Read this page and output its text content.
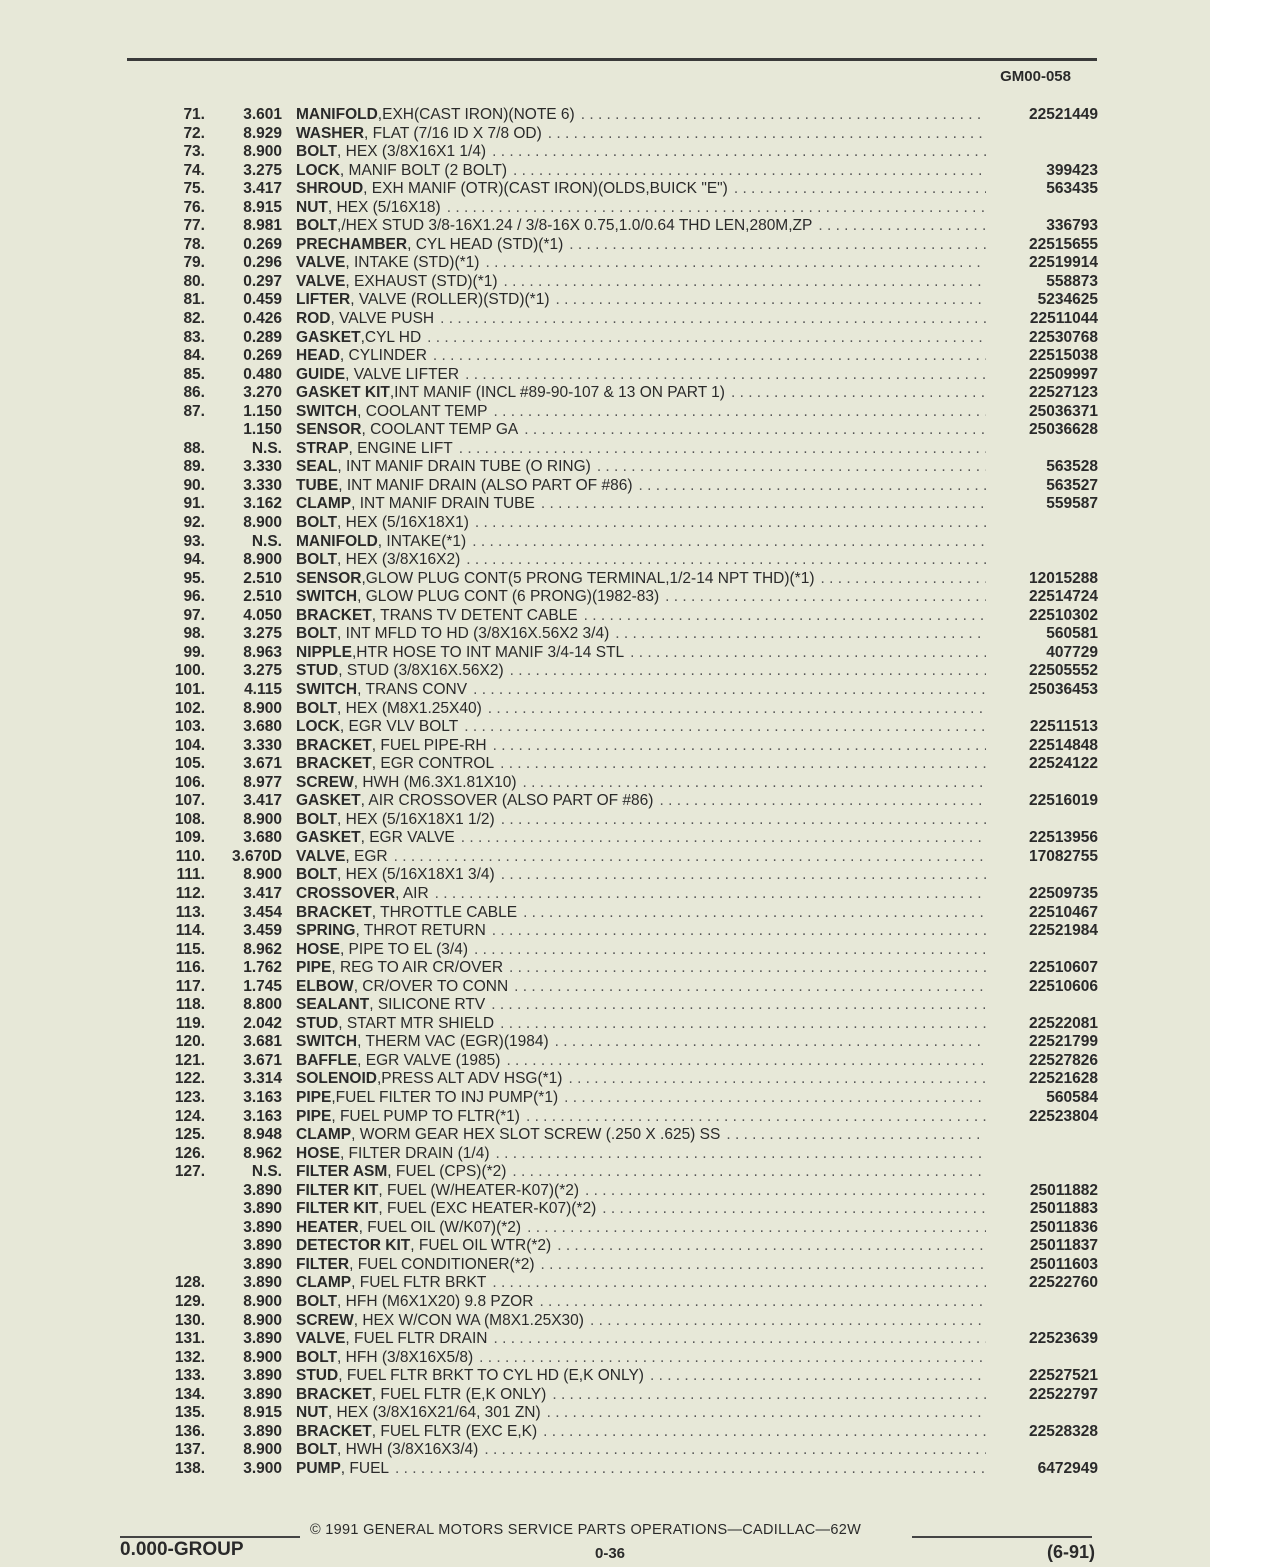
GM00-058
71.	3.601 MANIFOLD ,EXH(CAST IRON)(NOTE 6) . . .	22521449
72.	8.929 WASHER , FLAT (7/16 ID X 7/8 OD)
. . .
73.	8.900 BOLT , HEX (3/8X16X1 1/4)
. . .
74.	3.275 LOCK , MANIF BOLT (2 BOLT) . . .	399423
75.	3.417 SHROUD , EXH MANIF (OTR)(CAST IRON)(OLDS,BUICK "E") . . .	563435
76.	8.915 NUT , HEX (5/16X18)
. . .
77.	8.981 BOLT ,/HEX STUD 3/8-16X1.24 / 3/8-16X 0.75,1.0/0.64 THD LEN,280M,ZP . . .	336793
78.	0.269 PRECHAMBER , CYL HEAD (STD)(*1) . . .	22515655
79.	0.296 VALVE , INTAKE (STD)(*1) . . .	22519914
80.	0.297 VALVE , EXHAUST (STD)(*1) . . .	558873
81.	0.459 LIFTER , VALVE (ROLLER)(STD)(*1) . . .	5234625
82.	0.426 ROD , VALVE PUSH . . .	22511044
83.	0.289 GASKET ,CYL HD . . .	22530768
84.	0.269 HEAD , CYLINDER . . .	22515038
85.	0.480 GUIDE , VALVE LIFTER . . .	22509997
86.	3.270 GASKET KIT ,INT MANIF (INCL #89-90-107 & 13 ON PART 1) . . .	22527123
87.	1.150 SWITCH , COOLANT TEMP . . .	25036371
1.150 SENSOR , COOLANT TEMP GA . . .	25036628
88.	N.S. STRAP , ENGINE LIFT
. . .
89.	3.330 SEAL , INT MANIF DRAIN TUBE (O RING) . . .	563528
90.	3.330 TUBE , INT MANIF DRAIN (ALSO PART OF #86) . . .	563527
91.	3.162 CLAMP , INT MANIF DRAIN TUBE . . .	559587
92.	8.900 BOLT , HEX (5/16X18X1)
. . .
93.	N.S. MANIFOLD , INTAKE(*1)
. . .
94.	8.900 BOLT , HEX (3/8X16X2)
. . .
95.	2.510 SENSOR ,GLOW PLUG CONT(5 PRONG TERMINAL,1/2-14 NPT THD)(*1) . . .	12015288
96.	2.510 SWITCH , GLOW PLUG CONT (6 PRONG)(1982-83) . . .	22514724
97.	4.050 BRACKET , TRANS TV DETENT CABLE . . .	22510302
98.	3.275 BOLT , INT MFLD TO HD (3/8X16X.56X2 3/4) . . .	560581
99.	8.963 NIPPLE ,HTR HOSE TO INT MANIF 3/4-14 STL . . .	407729
100.	3.275 STUD , STUD (3/8X16X.56X2) . . .	22505552
101.	4.115 SWITCH , TRANS CONV . . .	25036453
102.	8.900 BOLT , HEX (M8X1.25X40)
. . .
103.	3.680 LOCK , EGR VLV BOLT . . .	22511513
104.	3.330 BRACKET , FUEL PIPE-RH . . .	22514848
105.	3.671 BRACKET , EGR CONTROL . . .	22524122
106.	8.977 SCREW , HWH (M6.3X1.81X10)
. . .
107.	3.417 GASKET , AIR CROSSOVER (ALSO PART OF #86) . . .	22516019
108.	8.900 BOLT , HEX (5/16X18X1 1/2)
. . .
109.	3.680 GASKET , EGR VALVE . . .	22513956
110.	3.670D VALVE , EGR . . .	17082755
111.	8.900 BOLT , HEX (5/16X18X1 3/4)
. . .
112.	3.417 CROSSOVER , AIR . . .	22509735
113.	3.454 BRACKET , THROTTLE CABLE . . .	22510467
114.	3.459 SPRING , THROT RETURN . . .	22521984
115.	8.962 HOSE , PIPE TO EL (3/4)
. . .
116.	1.762 PIPE , REG TO AIR CR/OVER . . .	22510607
117.	1.745 ELBOW , CR/OVER TO CONN . . .	22510606
118.	8.800 SEALANT , SILICONE RTV
. . .
119.	2.042 STUD , START MTR SHIELD . . .	22522081
120.	3.681 SWITCH , THERM VAC (EGR)(1984) . . .	22521799
121.	3.671 BAFFLE , EGR VALVE (1985) . . .	22527826
122.	3.314 SOLENOID ,PRESS ALT ADV HSG(*1) . . .	22521628
123.	3.163 PIPE ,FUEL FILTER TO INJ PUMP(*1) . . .	560584
124.	3.163 PIPE , FUEL PUMP TO FLTR(*1) . . .	22523804
125.	8.948 CLAMP , WORM GEAR HEX SLOT SCREW (.250 X .625) SS
. . .
126.	8.962 HOSE , FILTER DRAIN (1/4)
. . .
127.	N.S. FILTER ASM , FUEL (CPS)(*2)
. . .
3.890 FILTER KIT , FUEL (W/HEATER-K07)(*2) . . .	25011882
3.890 FILTER KIT , FUEL (EXC HEATER-K07)(*2) . . .	25011883
3.890 HEATER , FUEL OIL (W/K07)(*2) . . .	25011836
3.890 DETECTOR KIT , FUEL OIL WTR(*2) . . .	25011837
3.890 FILTER , FUEL CONDITIONER(*2) . . .	25011603
128.	3.890 CLAMP , FUEL FLTR BRKT . . .	22522760
129.	8.900 BOLT , HFH (M6X1X20) 9.8 PZOR
. . .
130.	8.900 SCREW , HEX W/CON WA (M8X1.25X30)
. . .
131.	3.890 VALVE , FUEL FLTR DRAIN . . .	22523639
132.	8.900 BOLT , HFH (3/8X16X5/8)
. . .
133.	3.890 STUD , FUEL FLTR BRKT TO CYL HD (E,K ONLY) . . .	22527521
134.	3.890 BRACKET , FUEL FLTR (E,K ONLY) . . .	22522797
135.	8.915 NUT , HEX (3/8X16X21/64, 301 ZN)
. . .
136.	3.890 BRACKET , FUEL FLTR (EXC E,K) . . .	22528328
137.	8.900 BOLT , HWH (3/8X16X3/4)
. . .
138.	3.900 PUMP , FUEL . . .	6472949
© 1991 GENERAL MOTORS SERVICE PARTS OPERATIONS—CADILLAC—62W
0.000-GROUP	0-36	(6-91)
